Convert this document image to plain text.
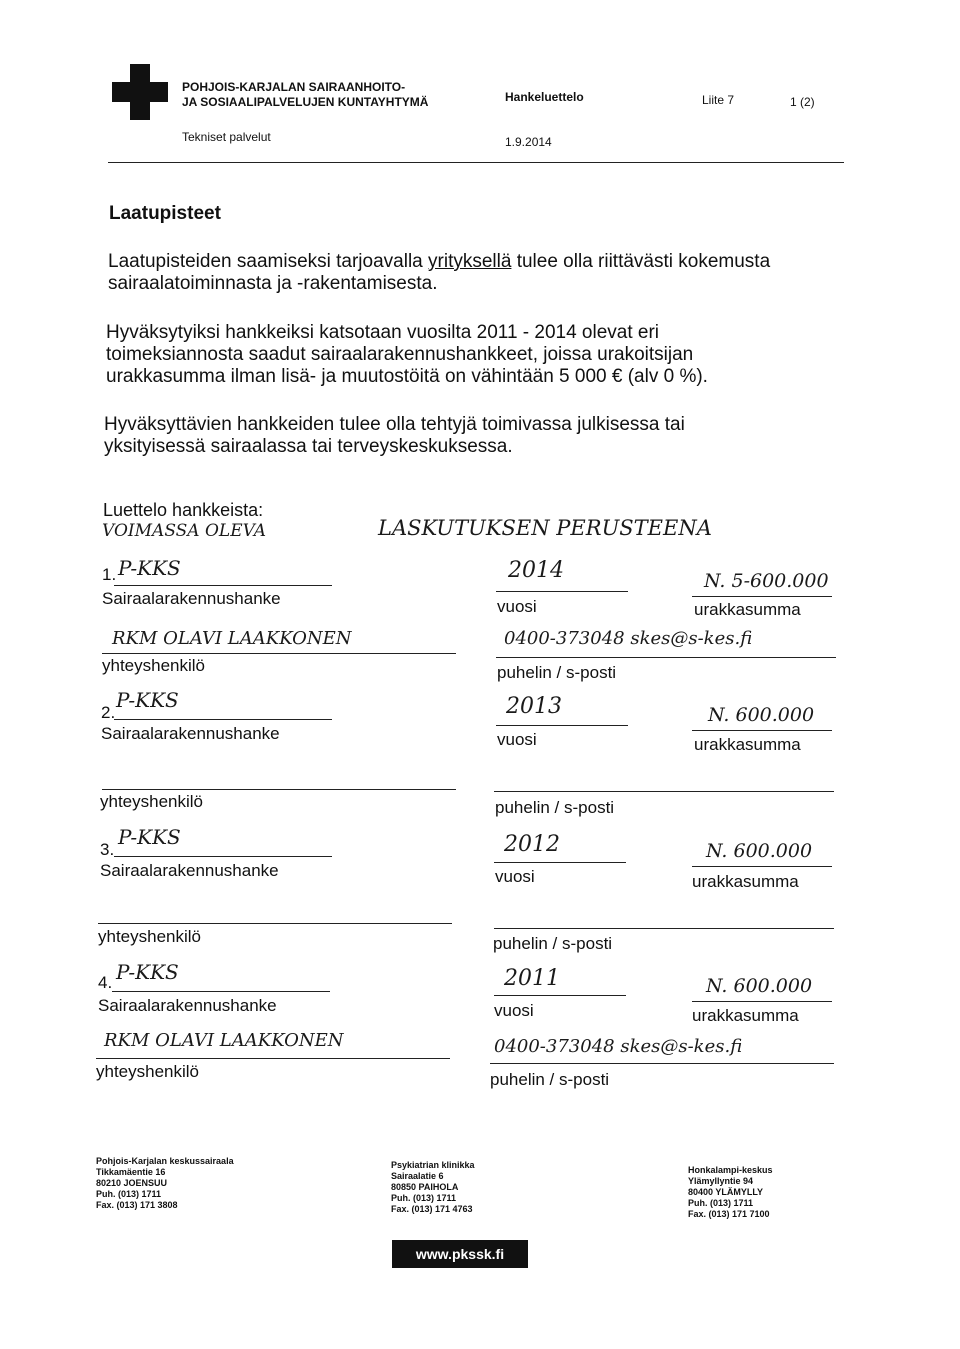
POHJOIS-KARJALAN SAIRAANHOITO-
JA SOSIAALIPALVELUJEN KUNTAYHTYMÄ
Tekniset palvelut
Hankeluettelo
1.9.2014
Liite 7	1 (2)
Laatupisteet
Laatupisteiden saamiseksi tarjoavalla yrityksellä tulee olla riittävästi kokemusta
sairaalatoiminnasta ja -rakentamisesta.
Hyväksytyiksi hankkeiksi katsotaan vuosilta 2011 - 2014 olevat eri
toimeksiannosta saadut sairaalarakennushankkeet, joissa urakoitsijan
urakkasumma ilman lisä- ja muutostöitä on vähintään 5 000 € (alv 0 %).
Hyväksyttävien hankkeiden tulee olla tehtyjä toimivassa julkisessa tai
yksityisessä sairaalassa tai terveyskeskuksessa.
Luettelo hankkeista:
VOIMASSA OLEVA	LASKUTUKSEN PERUSTEENA
1. P-KKS
Sairaalarakennushanke
2014
vuosi
N. 5-600.000
urakkasumma
RKM OLAVI LAAKKONEN
yhteyshenkilö
0400-373048 skes@s-kes.fi
puhelin / s-posti
2.
P-KKS
Sairaalarakennushanke
2013
vuosi
N. 600.000
urakkasumma
yhteyshenkilö	puhelin / s-posti
3.
P-KKS
Sairaalarakennushanke
2012
vuosi
N. 600.000
urakkasumma
yhteyshenkilö	puhelin / s-posti
4. P-KKS
Sairaalarakennushanke
2011
vuosi
N. 600.000
urakkasumma
RKM OLAVI LAAKKONEN
yhteyshenkilö
0400-373048 skes@s-kes.fi
puhelin / s-posti
Pohjois-Karjalan keskussairaala
Tikkamäentie 16
80210 JOENSUU
Puh. (013) 1711
Fax. (013) 171 3808
Psykiatrian klinikka
Sairaalatie 6
80850 PAIHOLA
Puh. (013) 1711
Fax. (013) 171 4763
Honkalampi-keskus
Ylämyllyntie 94
80400 YLÄMYLLY
Puh. (013) 1711
Fax. (013) 171 7100
www.pkssk.fi
